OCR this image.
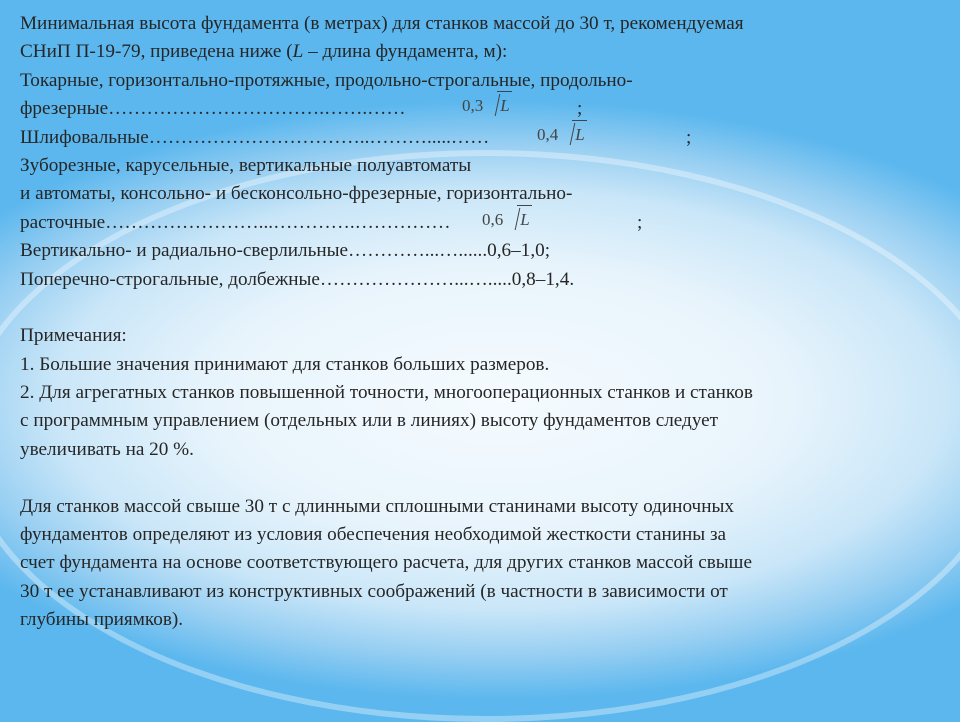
Минимальная высота фундамента (в метрах) для станков массой до 30 т, рекомендуемая
СНиП П-19-79, приведена ниже (L – длина фундамента, м):
Токарные, горизонтально-протяжные, продольно-строгальные, продольно-
фрезерные…………………………….…….……	0,3	L	;
Шлифовальные……………………………..……….....……	0,4	L	;
Зуборезные, карусельные, вертикальные полуавтоматы
и автоматы, консольно- и бесконсольно-фрезерные, горизонтально-
расточные……………………...………….…………… 0,6	L	;
Вертикально- и радиально-сверлильные…………...…......0,6–1,0;
Поперечно-строгальные, долбежные…………………...….....0,8–1,4.
Примечания:
1. Большие значения принимают для станков больших размеров.
2. Для агрегатных станков повышенной точности, многооперационных станков и станков
с программным управлением (отдельных или в линиях) высоту фундаментов следует
увеличивать на 20 %.
Для станков массой свыше 30 т с длинными сплошными станинами высоту одиночных
фундаментов определяют из условия обеспечения необходимой жесткости станины за
счет фундамента на основе соответствующего расчета, для других станков массой свыше
30 т ее устанавливают из конструктивных соображений (в частности в зависимости от
глубины приямков).
